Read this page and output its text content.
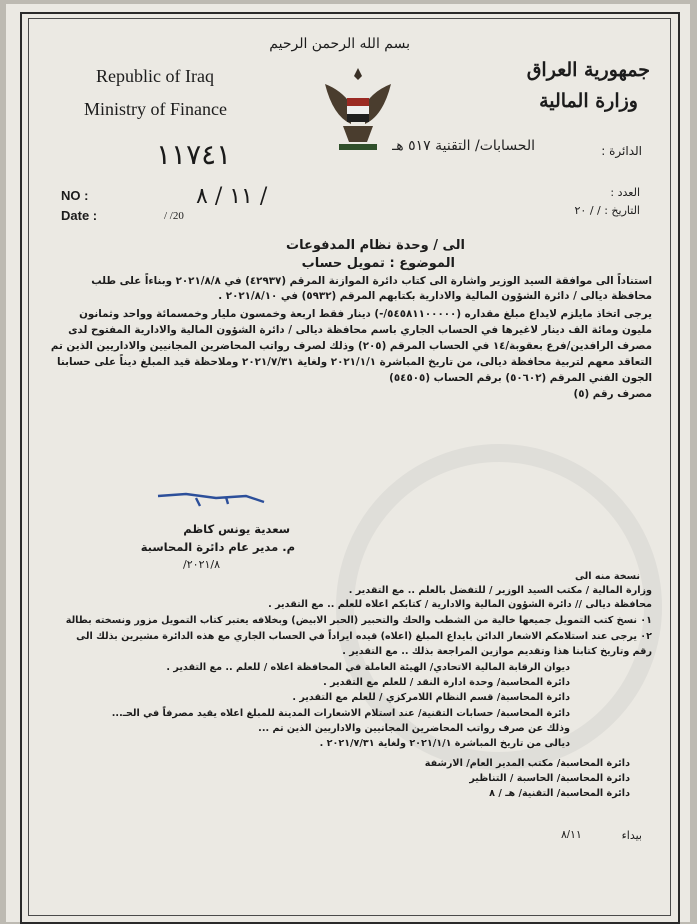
Republic of Iraq
Ministry of Finance
بسم الله الرحمن الرحيم
جمهورية العراق
وزارة المالية
الدائرة :
الحسابات/ التقنية ٥١٧ هـ
١١٧٤١
١١ / ٨ /
NO :
Date :	/ /20
العدد :
التاريخ : / / ٢٠
الى / وحدة نظام المدفوعات
الموضوع : تمويل حساب
استناداً الى موافقة السيد الوزير واشارة الى كتاب دائرة الموازنة المرقم (٤٢٩٣٧) في ٢٠٢١/٨/٨ وبناءاً على طلب
محافظة ديالى / دائرة الشؤون المالية والادارية بكتابهم المرقم (٥٩٣٢) في ٢٠٢١/٨/١٠ .
يرجى اتخاذ مايلزم لايداع مبلغ مقداره (٥٤٥٨١١٠٠٠٠٠/-) دينار فقط اربعة وخمسون مليار وخمسمائة وواحد وثمانون
مليون ومائة الف دينار لاغيرها في الحساب الجاري باسم محافظة ديالى / دائرة الشؤون المالية والادارية المفتوح لدى
مصرف الرافدين/فرع بعقوبة/١٤ في الحساب المرقم (٢٠٥) وذلك لصرف رواتب المحاضرين المجانيين والاداريين الذين تم
التعاقد معهم لتربية محافظة ديالى، من تاريخ المباشرة ٢٠٢١/١/١ ولغاية ٢٠٢١/٧/٣١ وملاحظة قيد المبلغ ديناً على حسابنا
الجون الفني المرقم (٥٠٦٠٢) برقم الحساب (٥٤٥٠٥)
مصرف رقم (٥)
سعدية يونس كاظم
م. مدير عام دائرة المحاسبة
٢٠٢١/٨/
نسخة منه الى
وزارة المالية / مكتب السيد الوزير / للتفضل بالعلم .. مع التقدير .
محافظة ديالى // دائرة الشؤون المالية والادارية / كتابكم اعلاه للعلم .. مع التقدير .
٠١ نسخ كتب التمويل جميعها خالية من الشطب والحك والتحبير (الحبر الابيض) وبخلافه يعتبر كتاب التمويل مزور ونسخته بطالة
٠٢ يرجى عند استلامكم الاشعار الدائن بايداع المبلغ (اعلاه) قيده ايراداً في الحساب الجاري مع هذه الدائرة مشيرين بذلك الى
رقم وتاريخ كتابنا هذا وتقديم موازين المراجعة بذلك .. مع التقدير .
ديوان الرقابة المالية الاتحادي/ الهيئة العاملة في المحافظة اعلاه / للعلم .. مع التقدير .
دائرة المحاسبة/ وحدة ادارة النقد / للعلم مع التقدير .
دائرة المحاسبة/ قسم النظام اللامركزي / للعلم مع التقدير .
دائرة المحاسبة/ حسابات التقنية/ عند استلام الاشعارات المدينة للمبلغ اعلاه يقيد مصرفاً في الحـ...
وذلك عن صرف رواتب المحاضرين المجانيين والاداريين الذين تم ...
ديالى من تاريخ المباشرة ٢٠٢١/١/١ ولغاية ٢٠٢١/٧/٣١ .
دائرة المحاسبة/ مكتب المدير العام/ الارشفة
دائرة المحاسبة/ الحاسبة / التناظير
دائرة المحاسبة/ التقنية/ هـ / ٨
بيداء
٨/١١
